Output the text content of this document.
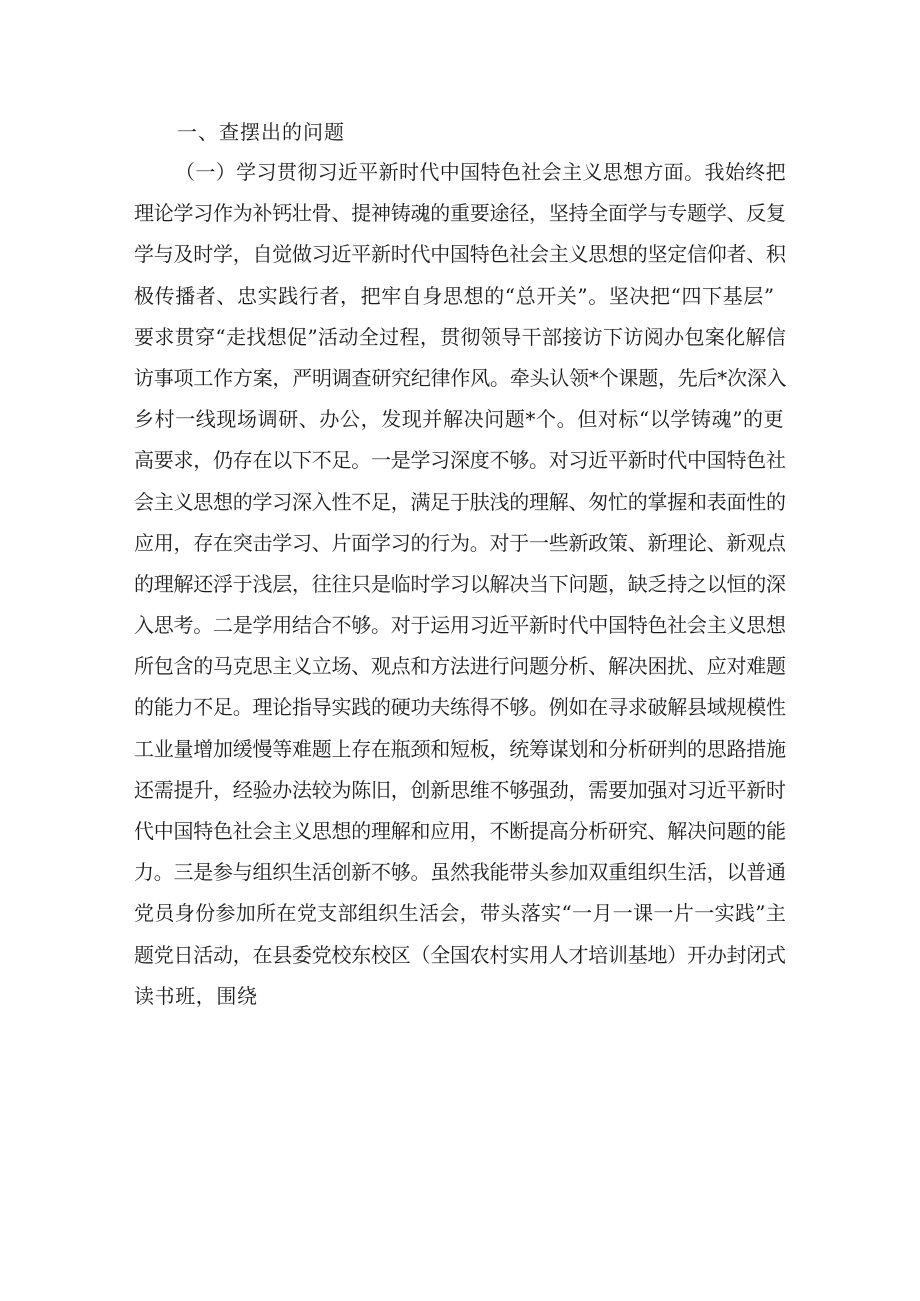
一、查摆出的问题
（一）学习贯彻习近平新时代中国特色社会主义思想方面。我始终把
理论学习作为补钙壮骨、提神铸魂的重要途径，坚持全面学与专题学、反复
学与及时学，自觉做习近平新时代中国特色社会主义思想的坚定信仰者、积
极传播者、忠实践行者，把牢自身思想的“总开关”。坚决把“四下基层”
要求贯穿“走找想促”活动全过程，贯彻领导干部接访下访阅办包案化解信
访事项工作方案，严明调查研究纪律作风。牵头认领*个课题，先后*次深入
乡村一线现场调研、办公，发现并解决问题*个。但对标“以学铸魂”的更
高要求，仍存在以下不足。一是学习深度不够。对习近平新时代中国特色社
会主义思想的学习深入性不足，满足于肤浅的理解、匆忙的掌握和表面性的
应用，存在突击学习、片面学习的行为。对于一些新政策、新理论、新观点
的理解还浮于浅层，往往只是临时学习以解决当下问题，缺乏持之以恒的深
入思考。二是学用结合不够。对于运用习近平新时代中国特色社会主义思想
所包含的马克思主义立场、观点和方法进行问题分析、解决困扰、应对难题
的能力不足。理论指导实践的硬功夫练得不够。例如在寻求破解县域规模性
工业量增加缓慢等难题上存在瓶颈和短板，统筹谋划和分析研判的思路措施
还需提升，经验办法较为陈旧，创新思维不够强劲，需要加强对习近平新时
代中国特色社会主义思想的理解和应用，不断提高分析研究、解决问题的能
力。三是参与组织生活创新不够。虽然我能带头参加双重组织生活，以普通
党员身份参加所在党支部组织生活会，带头落实“一月一课一片一实践”主
题党日活动，在县委党校东校区（全国农村实用人才培训基地）开办封闭式
读书班，围绕
